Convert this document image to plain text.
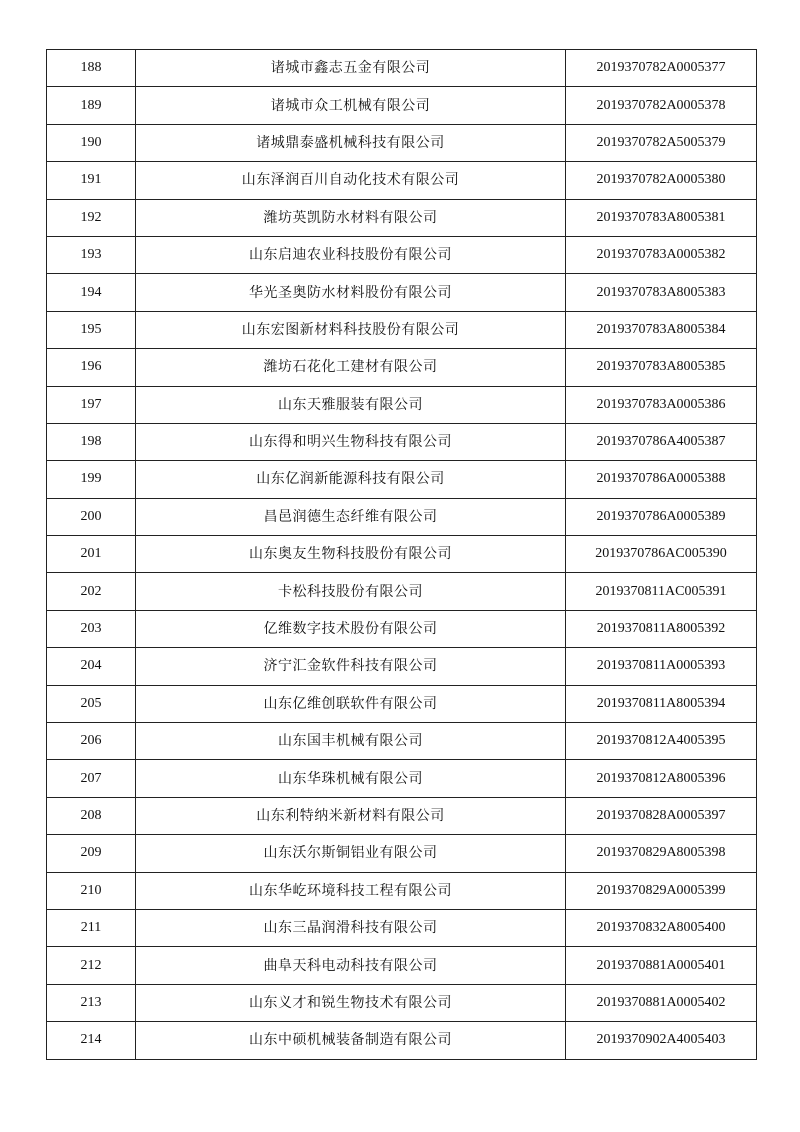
188	诸城市鑫志五金有限公司	2019370782A0005377
189	诸城市众工机械有限公司	2019370782A0005378
190	诸城鼎泰盛机械科技有限公司	2019370782A5005379
191	山东泽润百川自动化技术有限公司	2019370782A0005380
192	潍坊英凯防水材料有限公司	2019370783A8005381
193	山东启迪农业科技股份有限公司	2019370783A0005382
194	华光圣奥防水材料股份有限公司	2019370783A8005383
195	山东宏图新材料科技股份有限公司	2019370783A8005384
196	潍坊石花化工建材有限公司	2019370783A8005385
197	山东天雅服装有限公司	2019370783A0005386
198	山东得和明兴生物科技有限公司	2019370786A4005387
199	山东亿润新能源科技有限公司	2019370786A0005388
200	昌邑润德生态纤维有限公司	2019370786A0005389
201	山东奥友生物科技股份有限公司	2019370786AC005390
202	卡松科技股份有限公司	2019370811AC005391
203	亿维数字技术股份有限公司	2019370811A8005392
204	济宁汇金软件科技有限公司	2019370811A0005393
205	山东亿维创联软件有限公司	2019370811A8005394
206	山东国丰机械有限公司	2019370812A4005395
207	山东华珠机械有限公司	2019370812A8005396
208	山东利特纳米新材料有限公司	2019370828A0005397
209	山东沃尔斯铜铝业有限公司	2019370829A8005398
210	山东华屹环境科技工程有限公司	2019370829A0005399
211	山东三晶润滑科技有限公司	2019370832A8005400
212	曲阜天科电动科技有限公司	2019370881A0005401
213	山东义才和锐生物技术有限公司	2019370881A0005402
214	山东中硕机械装备制造有限公司	2019370902A4005403
